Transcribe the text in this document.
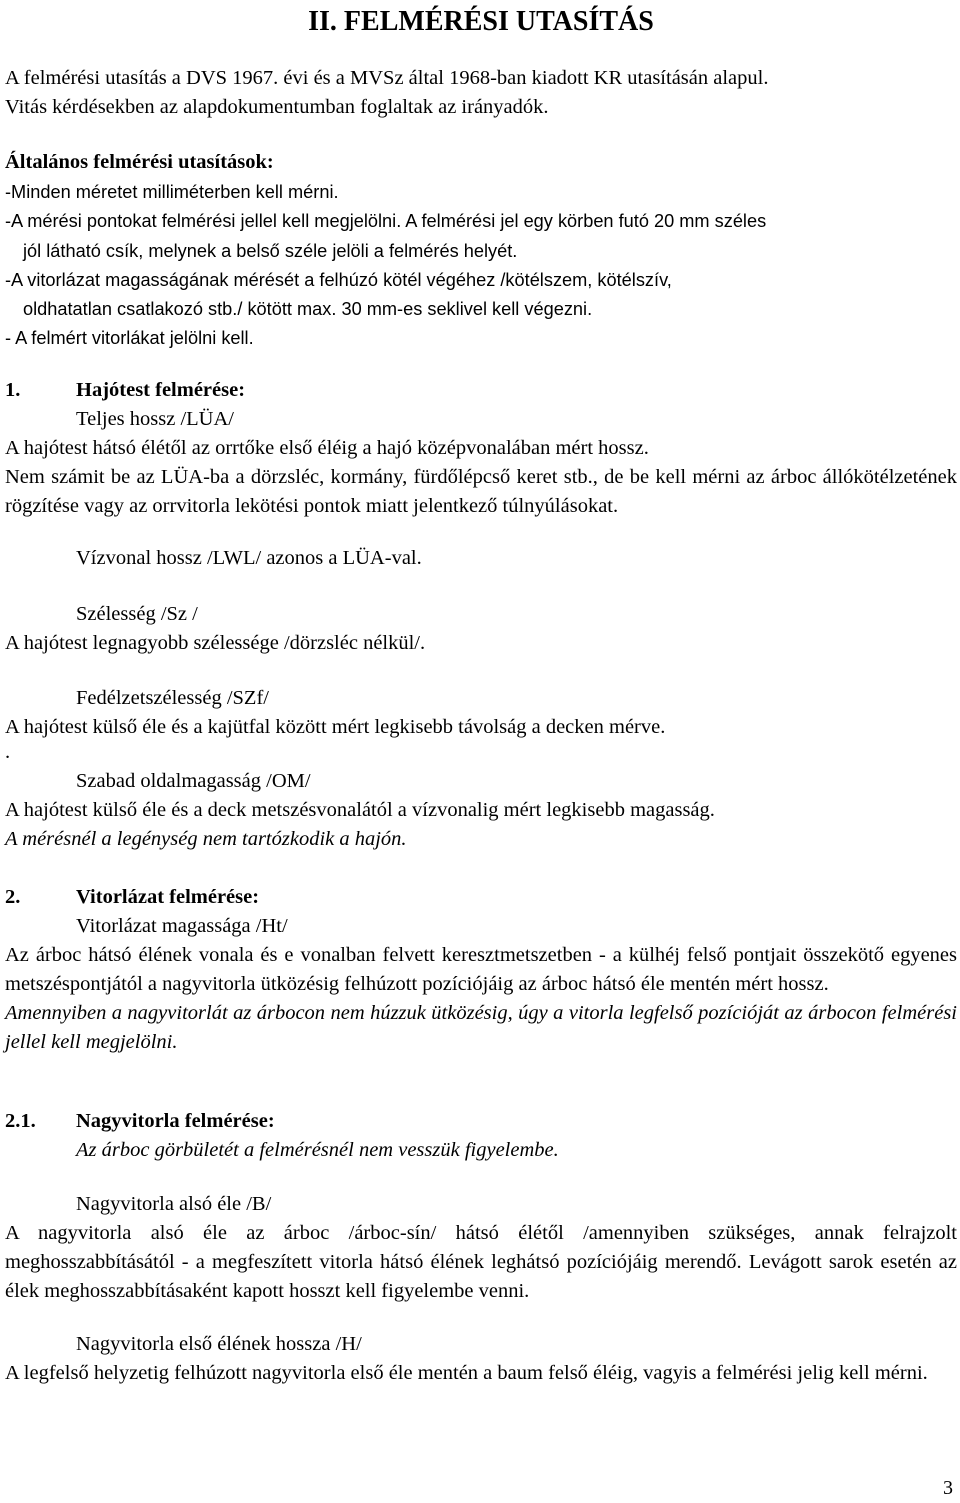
II. FELMÉRÉSI UTASÍTÁS

A felmérési utasítás a DVS 1967. évi és a MVSz által 1968-ban kiadott KR utasításán alapul.

Vitás kérdésekben az alapdokumentumban foglaltak az irányadók.

Általános felmérési utasítások:

-Minden méretet milliméterben kell mérni.

-A mérési pontokat felmérési jellel kell megjelölni. A felmérési jel egy körben futó 20 mm széles

jól látható csík, melynek a belső széle jelöli a felmérés helyét.

-A vitorlázat magasságának mérését a felhúzó kötél végéhez /kötélszem, kötélszív,

oldhatatlan csatlakozó stb./ kötött max. 30 mm-es seklivel kell végezni.

- A felmért vitorlákat jelölni kell.

1.	Hajótest felmérése:

Teljes hossz /LÜA/

A hajótest hátsó élétől az orrtőke első éléig a hajó középvonalában mért hossz.

Nem számit be az LÜA-ba a dörzsléc, kormány, fürdőlépcső keret stb., de be kell mérni az árboc állókötélzetének rögzítése vagy az orrvitorla lekötési pontok miatt jelentkező túlnyúlásokat.

Vízvonal hossz /LWL/ azonos a LÜA-val.

Szélesség /Sz /

A hajótest legnagyobb szélessége /dörzsléc nélkül/.

Fedélzetszélesség /SZf/

A hajótest külső éle és a kajütfal között mért legkisebb távolság a decken mérve.

.

Szabad oldalmagasság /OM/

A hajótest külső éle és a deck metszésvonalától a vízvonalig mért legkisebb magasság.

A mérésnél a legénység nem tartózkodik a hajón.

2.	Vitorlázat felmérése:

Vitorlázat magassága /Ht/

Az árboc hátsó élének vonala és e vonalban felvett keresztmetszetben - a külhéj felső pontjait összekötő egyenes metszéspontjától a nagyvitorla ütközésig felhúzott pozíciójáig az árboc hátsó éle mentén mért hossz.

Amennyiben a nagyvitorlát az árbocon nem húzzuk ütközésig, úgy a vitorla legfelső pozícióját az árbocon felmérési jellel kell megjelölni.

2.1. Nagyvitorla felmérése:

Az árboc görbületét a felmérésnél nem vesszük figyelembe.

Nagyvitorla alsó éle /B/

A nagyvitorla alsó éle az árboc /árboc-sín/ hátsó élétől /amennyiben szükséges, annak felrajzolt meghosszabbításától - a megfeszített vitorla hátsó élének leghátsó pozíciójáig merendő. Levágott sarok esetén az élek meghosszabbításaként kapott hosszt kell figyelembe venni.

Nagyvitorla első élének hossza /H/

A legfelső helyzetig felhúzott nagyvitorla első éle mentén a baum felső éléig, vagyis a felmérési jelig kell mérni.

3
